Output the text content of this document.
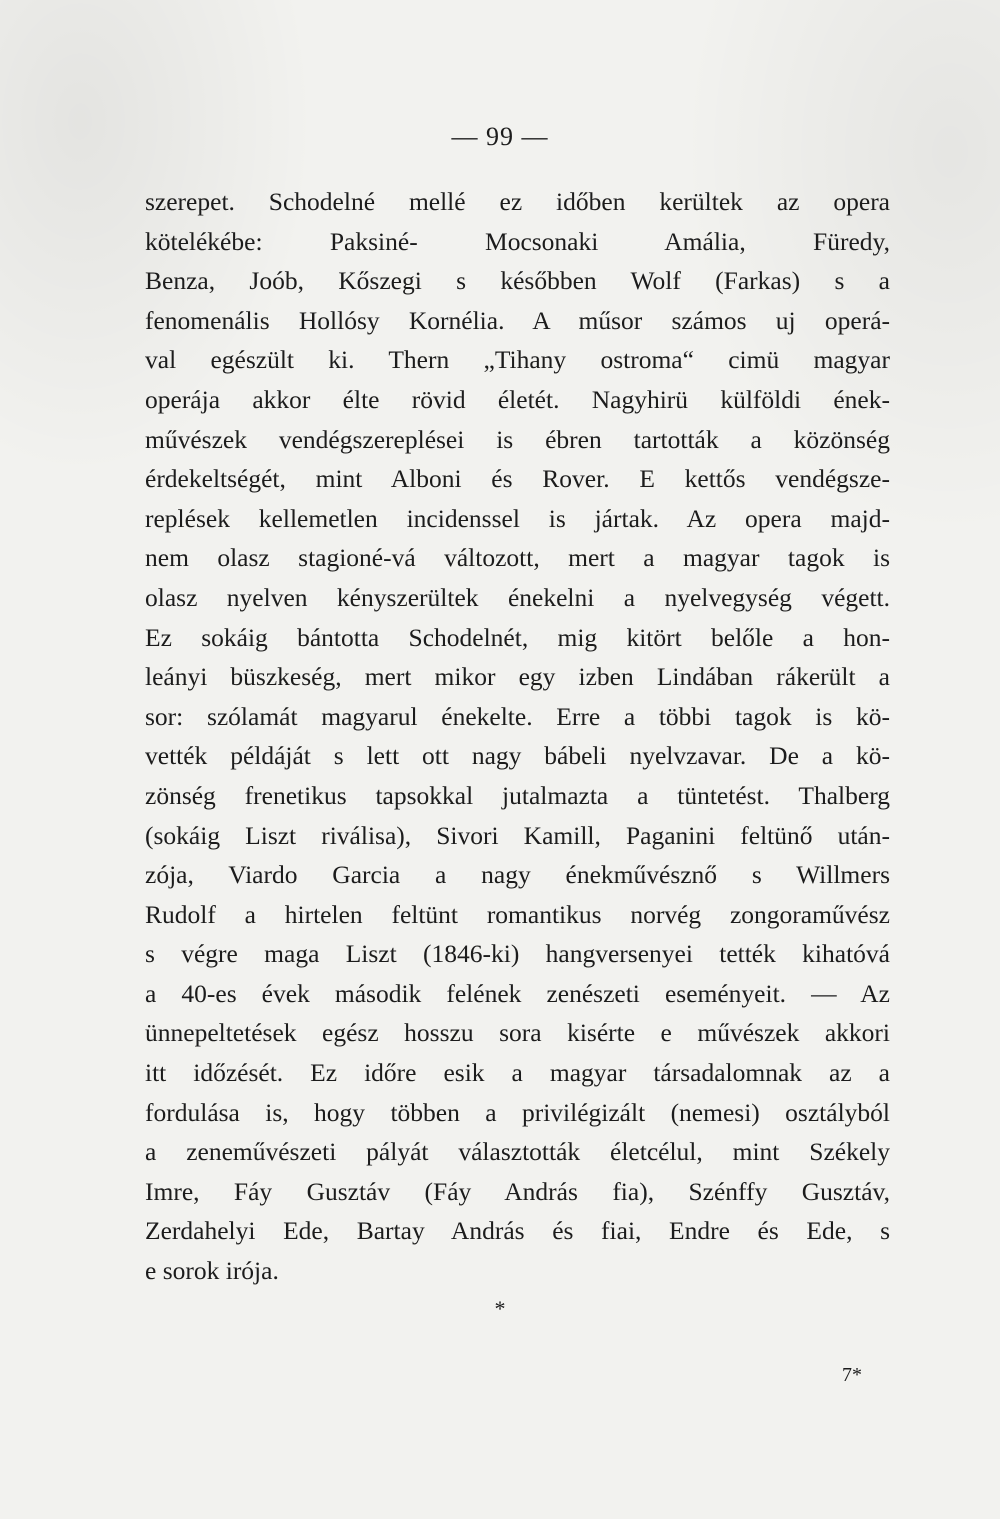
— 99 —
szerepet. Schodelné mellé ez időben kerültek az opera
kötelékébe: Paksiné- Mocsonaki Amália, Füredy,
Benza, Joób, Kőszegi s későbben Wolf (Farkas) s a
fenomenális Hollósy Kornélia. A műsor számos uj operá-
val egészült ki. Thern „Tihany ostroma“ cimü magyar
operája akkor élte rövid életét. Nagyhirü külföldi ének-
művészek vendégszereplései is ébren tartották a közönség
érdekeltségét, mint Alboni és Rover. E kettős vendégsze-
replések kellemetlen incidenssel is jártak. Az opera majd-
nem olasz stagioné-vá változott, mert a magyar tagok is
olasz nyelven kényszerültek énekelni a nyelvegység végett.
Ez sokáig bántotta Schodelnét, mig kitört belőle a hon-
leányi büszkeség, mert mikor egy izben Lindában rákerült a
sor: szólamát magyarul énekelte. Erre a többi tagok is kö-
vették példáját s lett ott nagy bábeli nyelvzavar. De a kö-
zönség frenetikus tapsokkal jutalmazta a tüntetést. Thalberg
(sokáig Liszt riválisa), Sivori Kamill, Paganini feltünő után-
zója, Viardo Garcia a nagy énekművésznő s Willmers
Rudolf a hirtelen feltünt romantikus norvég zongoraművész
s végre maga Liszt (1846-ki) hangversenyei tették kihatóvá
a 40-es évek második felének zenészeti eseményeit. — Az
ünnepeltetések egész hosszu sora kisérte e művészek akkori
itt időzését. Ez időre esik a magyar társadalomnak az a
fordulása is, hogy többen a privilégizált (nemesi) osztályból
a zeneművészeti pályát választották életcélul, mint Székely
Imre, Fáy Gusztáv (Fáy András fia), Szénffy Gusztáv,
Zerdahelyi Ede, Bartay András és fiai, Endre és Ede, s
e sorok irója.
*
7*
